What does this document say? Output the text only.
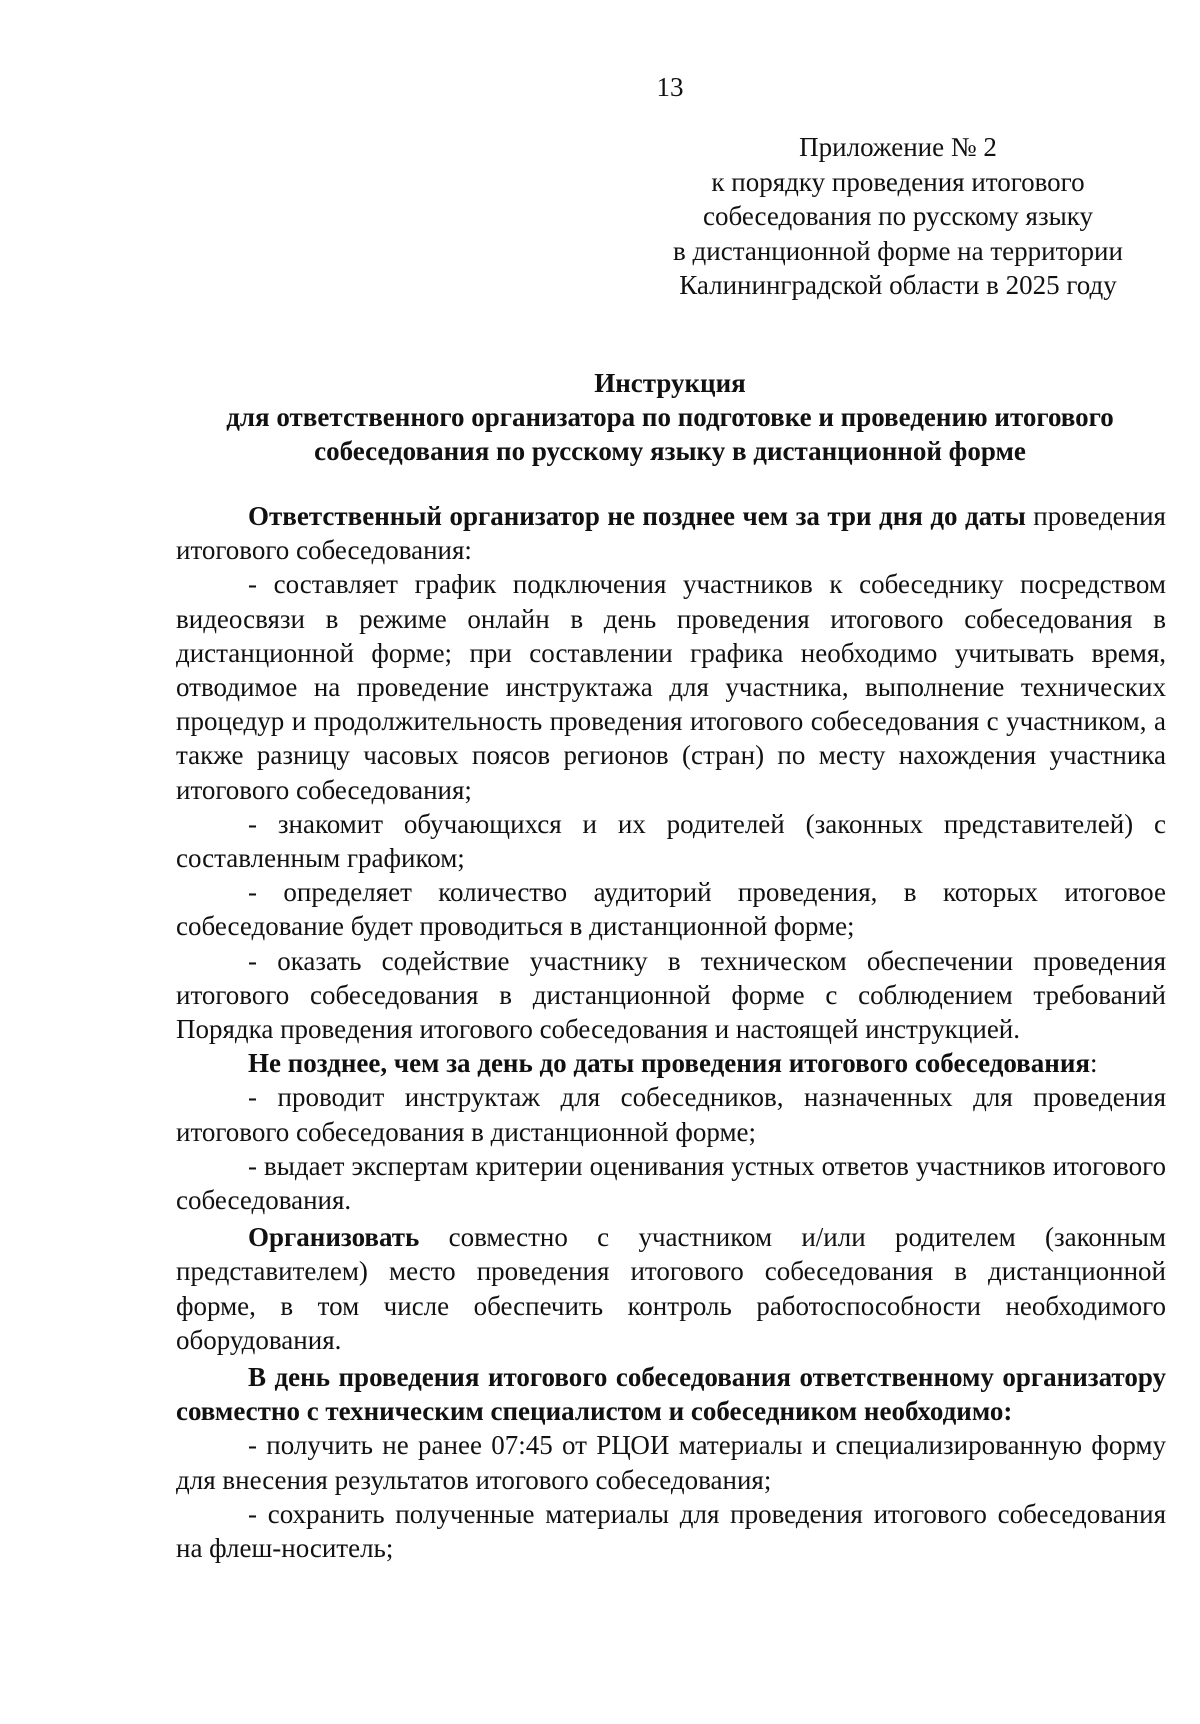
13
Приложение № 2
к порядку проведения итогового
собеседования по русскому языку
в дистанционной форме на территории
Калининградской области в 2025 году
Инструкция
для ответственного организатора по подготовке и проведению итогового
собеседования по русскому языку в дистанционной форме

Ответственный организатор не позднее чем за три дня до даты проведения итогового собеседования:

- составляет график подключения участников к собеседнику посредством видеосвязи в режиме онлайн в день проведения итогового собеседования в дистанционной форме; при составлении графика необходимо учитывать время, отводимое на проведение инструктажа для участника, выполнение технических процедур и продолжительность проведения итогового собеседования с участником, а также разницу часовых поясов регионов (стран) по месту нахождения участника итогового собеседования;

- знакомит обучающихся и их родителей (законных представителей) с составленным графиком;

- определяет количество аудиторий проведения, в которых итоговое собеседование будет проводиться в дистанционной форме;

- оказать содействие участнику в техническом обеспечении проведения итогового собеседования в дистанционной форме с соблюдением требований Порядка проведения итогового собеседования и настоящей инструкцией.

Не позднее, чем за день до даты проведения итогового собеседования:

- проводит инструктаж для собеседников, назначенных для проведения итогового собеседования в дистанционной форме;

- выдает экспертам критерии оценивания устных ответов участников итогового собеседования.

Организовать совместно с участником и/или родителем (законным представителем) место проведения итогового собеседования в дистанционной форме, в том числе обеспечить контроль работоспособности необходимого оборудования.

В день проведения итогового собеседования ответственному организатору совместно с техническим специалистом и собеседником необходимо:

- получить не ранее 07:45 от РЦОИ материалы и специализированную форму для внесения результатов итогового собеседования;

- сохранить полученные материалы для проведения итогового собеседования на флеш-носитель;
